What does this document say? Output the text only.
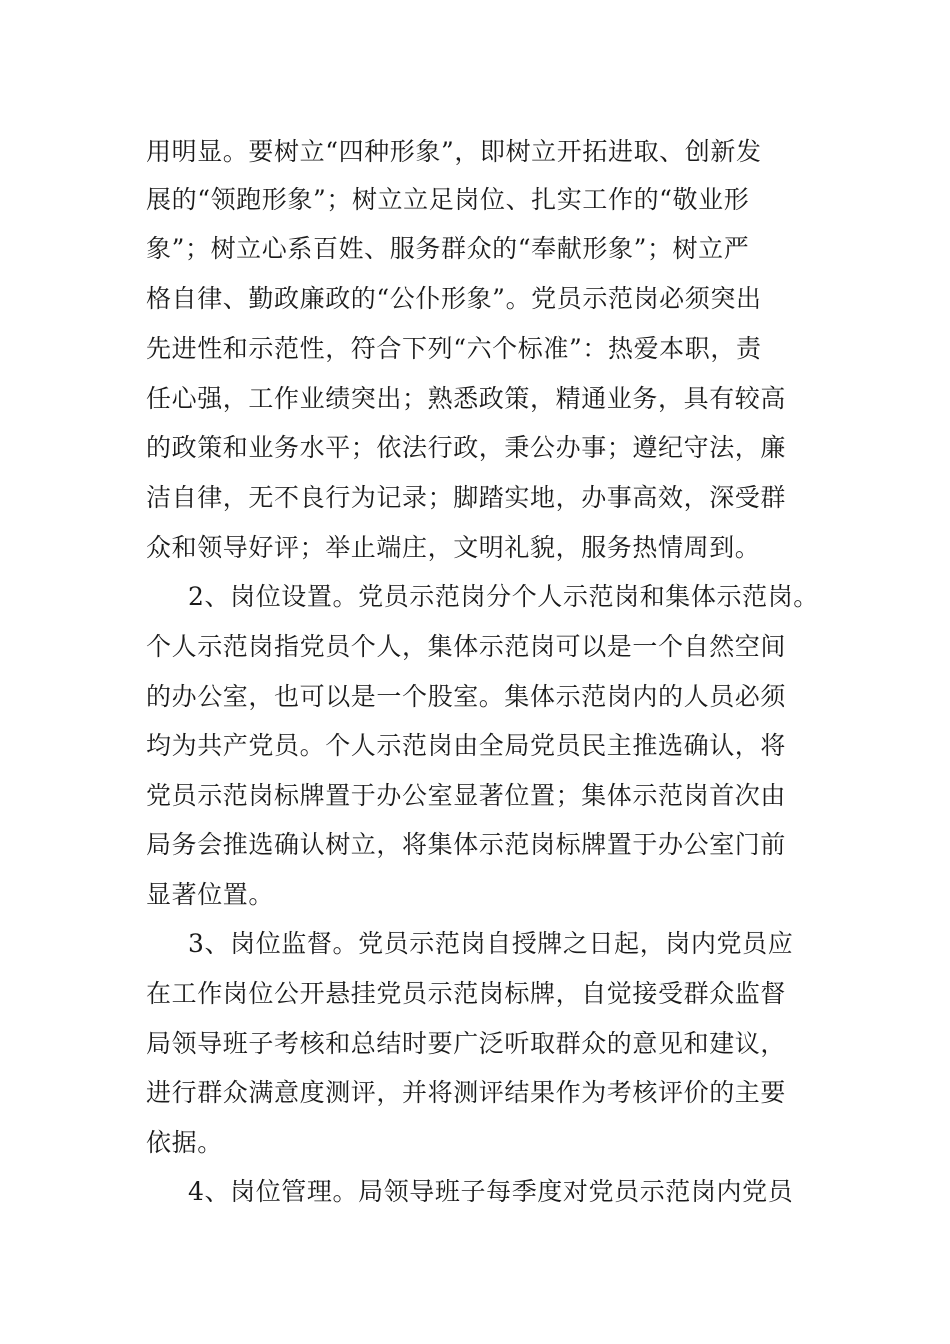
用明显。要树立“四种形象”，即树立开拓进取、创新发
展的“领跑形象”；树立立足岗位、扎实工作的“敬业形
象”；树立心系百姓、服务群众的“奉献形象”；树立严
格自律、勤政廉政的“公仆形象”。党员示范岗必须突出
先进性和示范性，符合下列“六个标准”：热爱本职，责
任心强，工作业绩突出；熟悉政策，精通业务，具有较高
的政策和业务水平；依法行政，秉公办事；遵纪守法，廉
洁自律，无不良行为记录；脚踏实地，办事高效，深受群
众和领导好评；举止端庄，文明礼貌，服务热情周到。
2、岗位设置。党员示范岗分个人示范岗和集体示范岗。
个人示范岗指党员个人，集体示范岗可以是一个自然空间
的办公室，也可以是一个股室。集体示范岗内的人员必须
均为共产党员。个人示范岗由全局党员民主推选确认，将
党员示范岗标牌置于办公室显著位置；集体示范岗首次由
局务会推选确认树立，将集体示范岗标牌置于办公室门前
显著位置。
3、岗位监督。党员示范岗自授牌之日起，岗内党员应
在工作岗位公开悬挂党员示范岗标牌，自觉接受群众监督
局领导班子考核和总结时要广泛听取群众的意见和建议，
进行群众满意度测评，并将测评结果作为考核评价的主要
依据。
4、岗位管理。局领导班子每季度对党员示范岗内党员
